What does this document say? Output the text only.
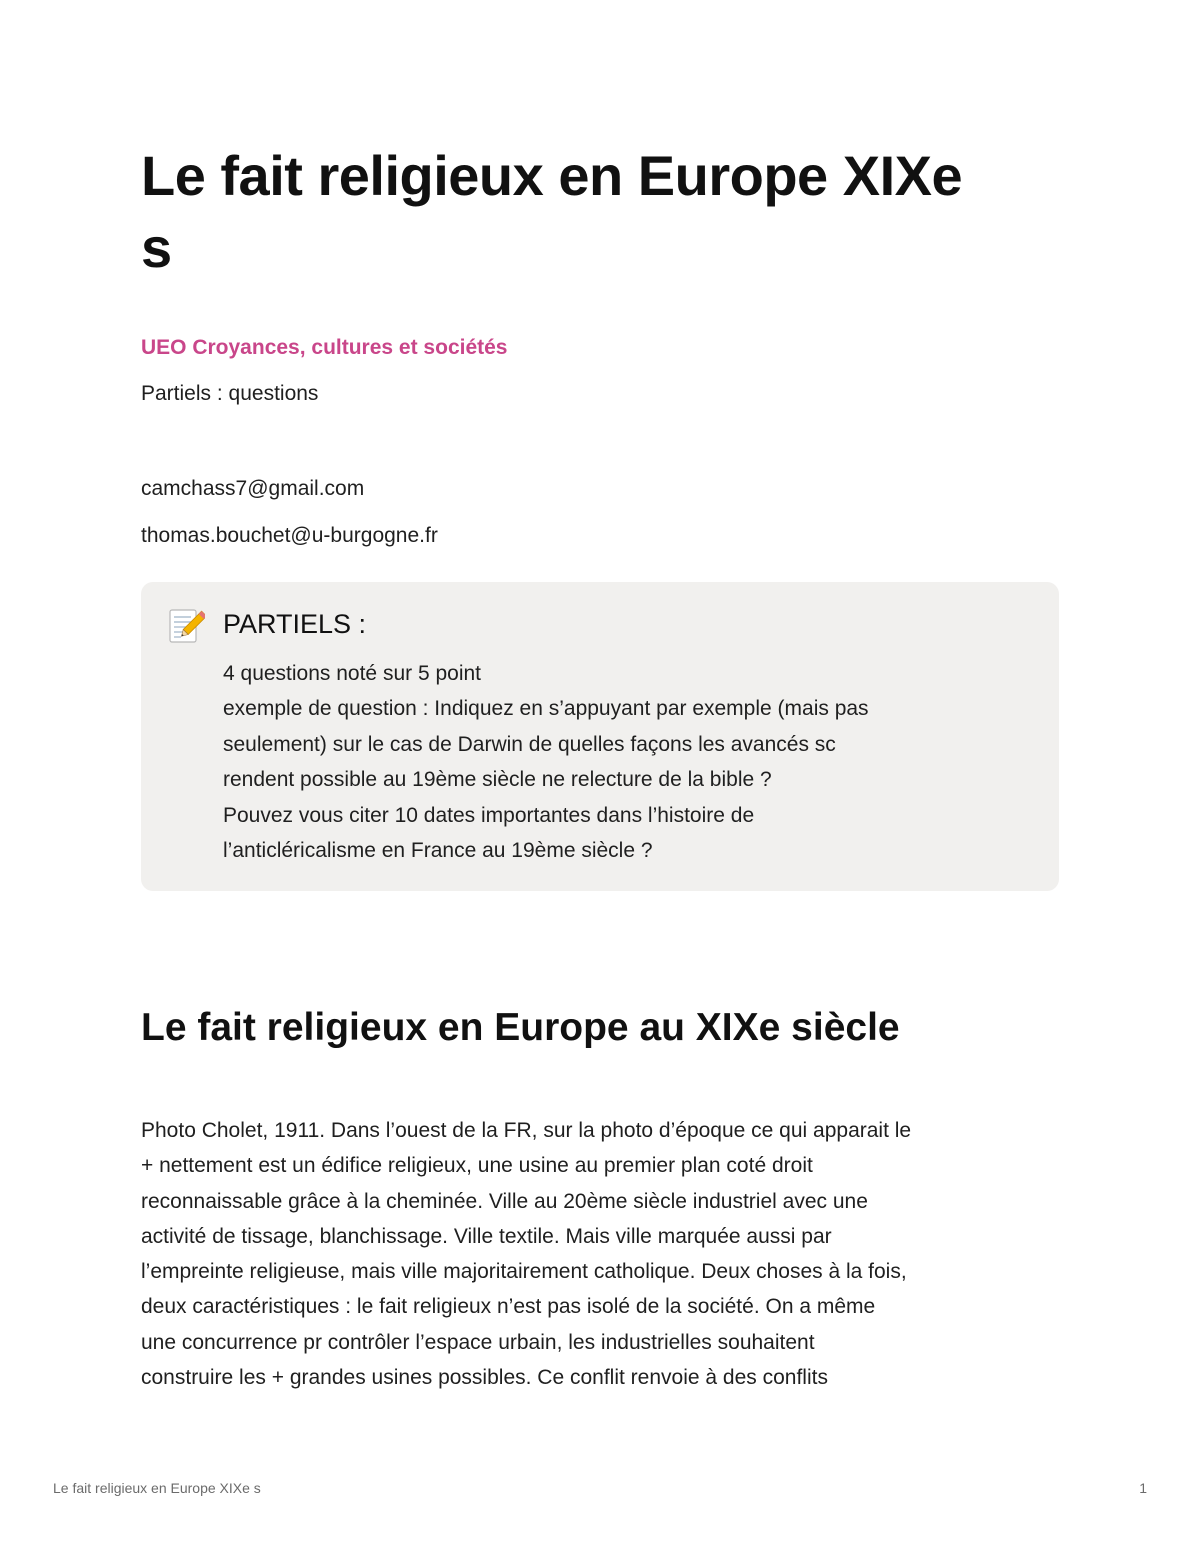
Le fait religieux en Europe XIXe
s

UEO Croyances, cultures et sociétés

Partiels : questions

camchass7@gmail.com

thomas.bouchet@u-burgogne.fr

PARTIELS :

4 questions noté sur 5 point
exemple de question : Indiquez en s’appuyant par exemple (mais pas
seulement) sur le cas de Darwin de quelles façons les avancés sc
rendent possible au 19ème siècle ne relecture de la bible ?
Pouvez vous citer 10 dates importantes dans l’histoire de
l’anticléricalisme en France au 19ème siècle ?
Le fait religieux en Europe au XIXe siècle
Photo Cholet, 1911. Dans l’ouest de la FR, sur la photo d’époque ce qui apparait le
+ nettement est un édifice religieux, une usine au premier plan coté droit
reconnaissable grâce à la cheminée. Ville au 20ème siècle industriel avec une
activité de tissage, blanchissage. Ville textile. Mais ville marquée aussi par
l’empreinte religieuse, mais ville majoritairement catholique. Deux choses à la fois,
deux caractéristiques : le fait religieux n’est pas isolé de la société. On a même
une concurrence pr contrôler l’espace urbain, les industrielles souhaitent
construire les + grandes usines possibles. Ce conflit renvoie à des conflits
Le fait religieux en Europe XIXe s	1
